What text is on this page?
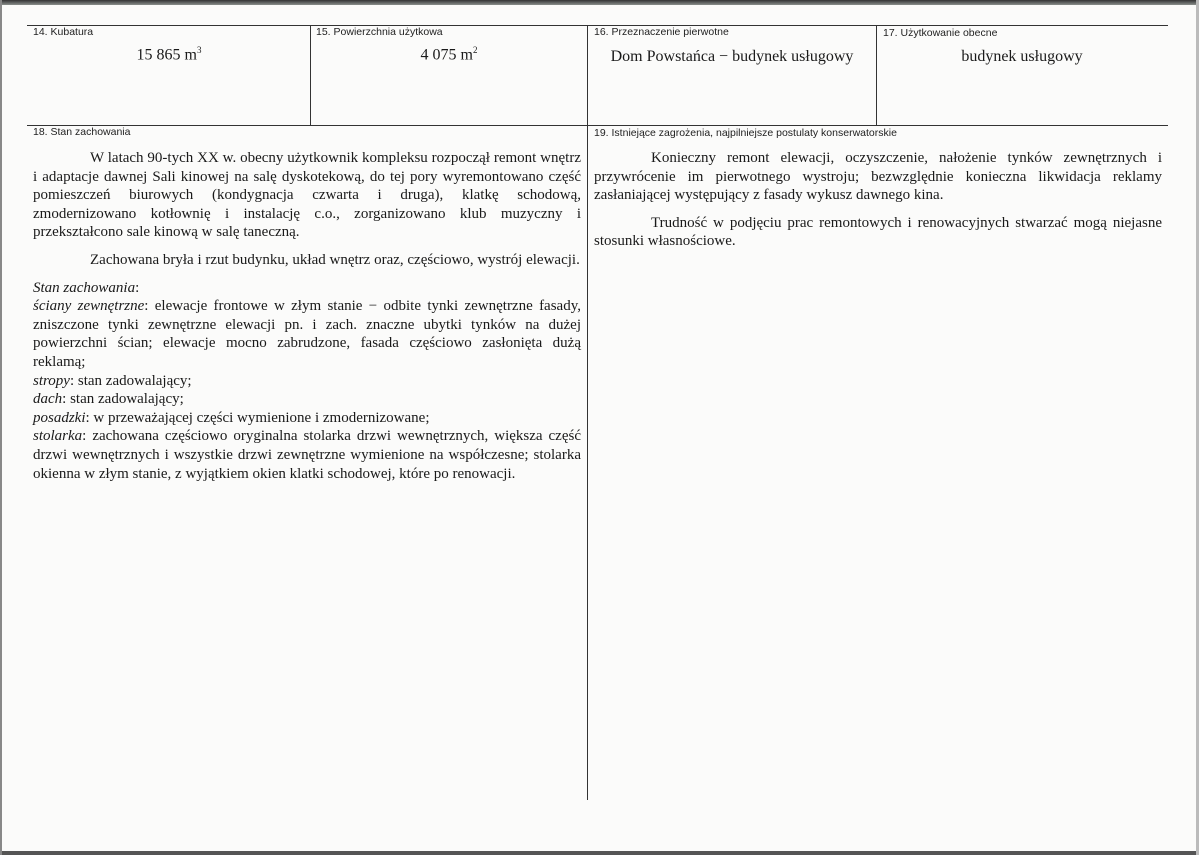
14. Kubatura
15 865 $m^3$
15. Powierzchnia użytkowa
4 075 $m^2$
16. Przeznaczenie pierwotne
Dom Powstańca − budynek usługowy
17. Użytkowanie obecne
budynek usługowy
18. Stan zachowania

W latach 90-tych XX w. obecny użytkownik kompleksu rozpoczął remont wnętrz i adaptacje dawnej Sali kinowej na salę dyskotekową, do tej pory wyremontowano część pomieszczeń biurowych (kondygnacja czwarta i druga), klatkę schodową, zmodernizowano kotłownię i instalację c.o., zorganizowano klub muzyczny i przekształcono sale kinową w salę taneczną.

Zachowana bryła i rzut budynku, układ wnętrz oraz, częściowo, wystrój elewacji.

Stan zachowania:
ściany zewnętrzne: elewacje frontowe w złym stanie − odbite tynki zewnętrzne fasady, zniszczone tynki zewnętrzne elewacji pn. i zach. znaczne ubytki tynków na dużej powierzchni ścian; elewacje mocno zabrudzone, fasada częściowo zasłonięta dużą reklamą;
stropy: stan zadowalający;
dach: stan zadowalający;
posadzki: w przeważającej części wymienione i zmodernizowane;
stolarka: zachowana częściowo oryginalna stolarka drzwi wewnętrznych, większa część drzwi wewnętrznych i wszystkie drzwi zewnętrzne wymienione na współczesne; stolarka okienna w złym stanie, z wyjątkiem okien klatki schodowej, które po renowacji.
19. Istniejące zagrożenia, najpilniejsze postulaty konserwatorskie

Konieczny remont elewacji, oczyszczenie, nałożenie tynków zewnętrznych i przywrócenie im pierwotnego wystroju; bezwzględnie konieczna likwidacja reklamy zasłaniającej występujący z fasady wykusz dawnego kina.

Trudność w podjęciu prac remontowych i renowacyjnych stwarzać mogą niejasne stosunki własnościowe.
